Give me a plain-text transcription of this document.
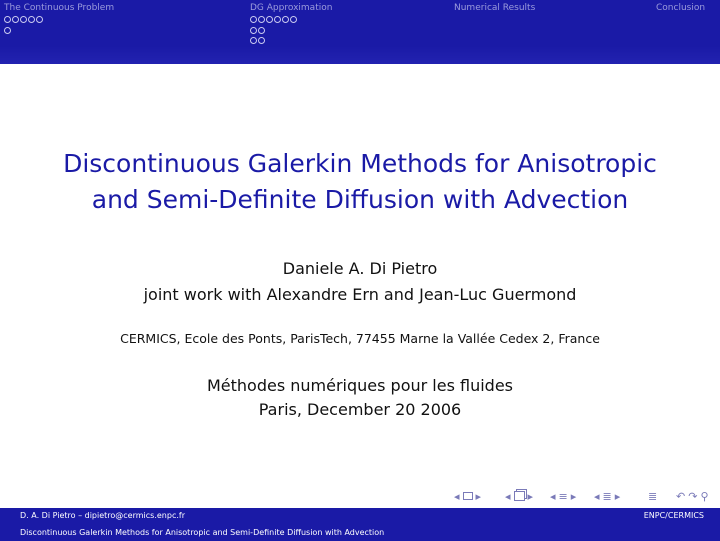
The Continuous Problem	DG Approximation	Numerical Results	Conclusion
Discontinuous Galerkin Methods for Anisotropic
and Semi-Definite Diffusion with Advection
Daniele A. Di Pietro
joint work with Alexandre Ern and Jean-Luc Guermond
CERMICS, Ecole des Ponts, ParisTech, 77455 Marne la Vallée Cedex 2, France
Méthodes numériques pour les fluides
Paris, December 20 2006
◂ ▸ ◂ ▸ ◂ ≡ ▸ ◂ ≣ ▸	≣ ↶ ↷ ⚲
D. A. Di Pietro – dipietro@cermics.enpc.fr	ENPC/CERMICS
Discontinuous Galerkin Methods for Anisotropic and Semi-Definite Diffusion with Advection
